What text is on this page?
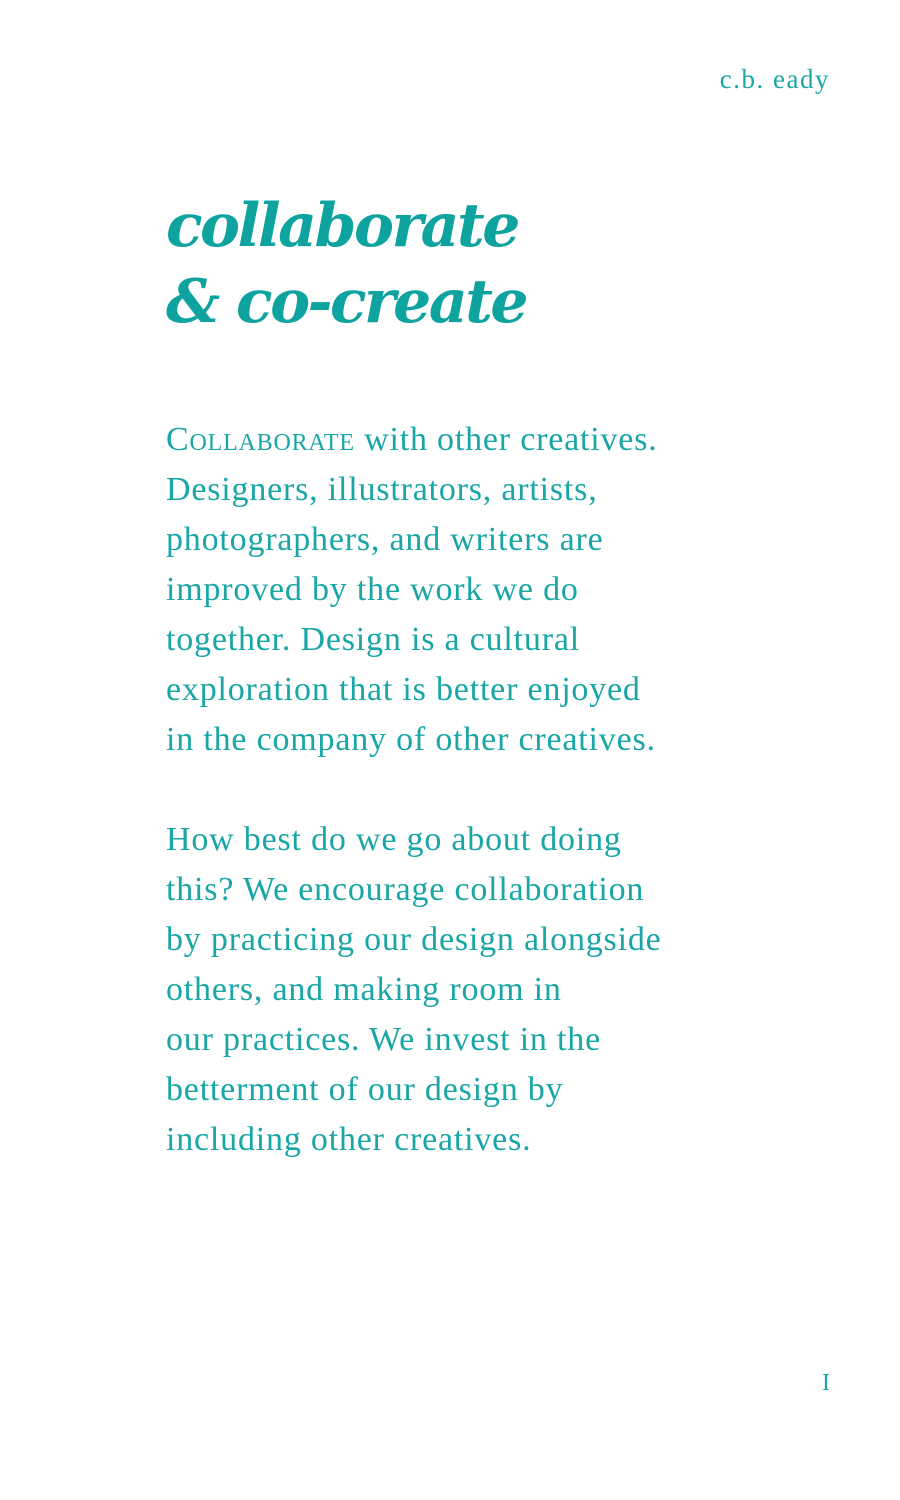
c.b. eady
collaborate
& co-create

Collaborate with other creatives.
Designers, illustrators, artists,
photographers, and writers are
improved by the work we do
together. Design is a cultural
exploration that is better enjoyed
in the company of other creatives.

How best do we go about doing
this? We encourage collaboration
by practicing our design alongside
others, and making room in
our practices. We invest in the
betterment of our design by
including other creatives.

I
